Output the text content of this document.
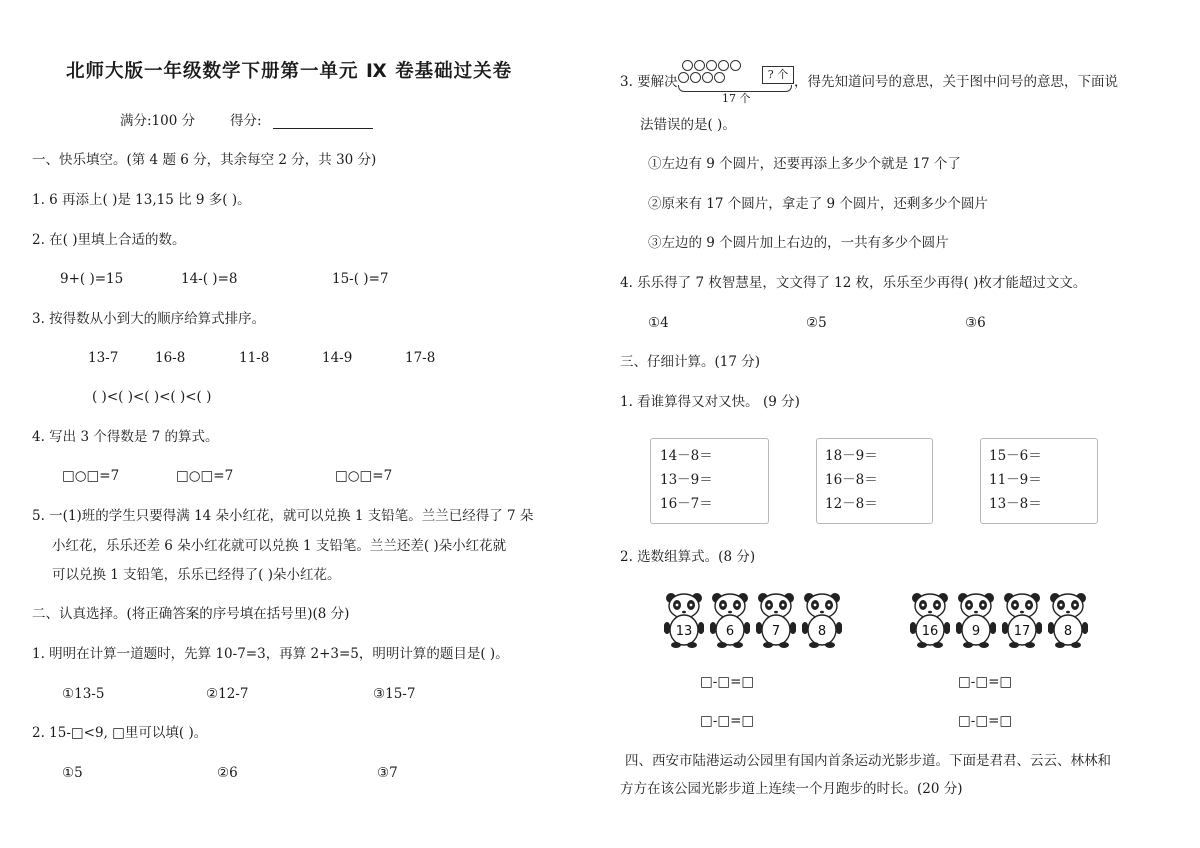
北师大版一年级数学下册第一单元 Ⅸ 卷基础过关卷
满分:100 分	得分:
一、快乐填空。(第 4 题 6 分，其余每空 2 分，共 30 分)
1. 6 再添上( )是 13,15 比 9 多( )。
2. 在( )里填上合适的数。
9+( )=15	14-( )=8	15-( )=7
3. 按得数从小到大的顺序给算式排序。
13-7	16-8	11-8	14-9	17-8
( )<( )<( )<( )<( )
4. 写出 3 个得数是 7 的算式。
□○□=7	□○□=7	□○□=7
5. 一(1)班的学生只要得满 14 朵小红花，就可以兑换 1 支铅笔。兰兰已经得了 7 朵
小红花，乐乐还差 6 朵小红花就可以兑换 1 支铅笔。兰兰还差( )朵小红花就
可以兑换 1 支铅笔，乐乐已经得了( )朵小红花。
二、认真选择。(将正确答案的序号填在括号里)(8 分)
1. 明明在计算一道题时，先算 10-7=3，再算 2+3=5，明明计算的题目是( )。
①13-5	②12-7	③15-7
2. 15-□<9, □里可以填( )。
①5	②6	③7
3. 要解决	? 个
17 个
，得先知道问号的意思，关于图中问号的意思，下面说
法错误的是( )。
①左边有 9 个圆片，还要再添上多少个就是 17 个了
②原来有 17 个圆片，拿走了 9 个圆片，还剩多少个圆片
③左边的 9 个圆片加上右边的，一共有多少个圆片
4. 乐乐得了 7 枚智慧星，文文得了 12 枚，乐乐至少再得( )枚才能超过文文。
①4	②5	③6
三、仔细计算。(17 分)
1. 看谁算得又对又快。 (9 分)
14－8＝
13－9＝
16－7＝
18－9＝
16－8＝
12－8＝
15－6＝
11－9＝
13－8＝
2. 选数组算式。(8 分)
13	6	7	8	16	9	17	8
□-□=□
□-□=□
□-□=□
□-□=□
四、西安市陆港运动公园里有国内首条运动光影步道。下面是君君、云云、林林和
方方在该公园光影步道上连续一个月跑步的时长。(20 分)
